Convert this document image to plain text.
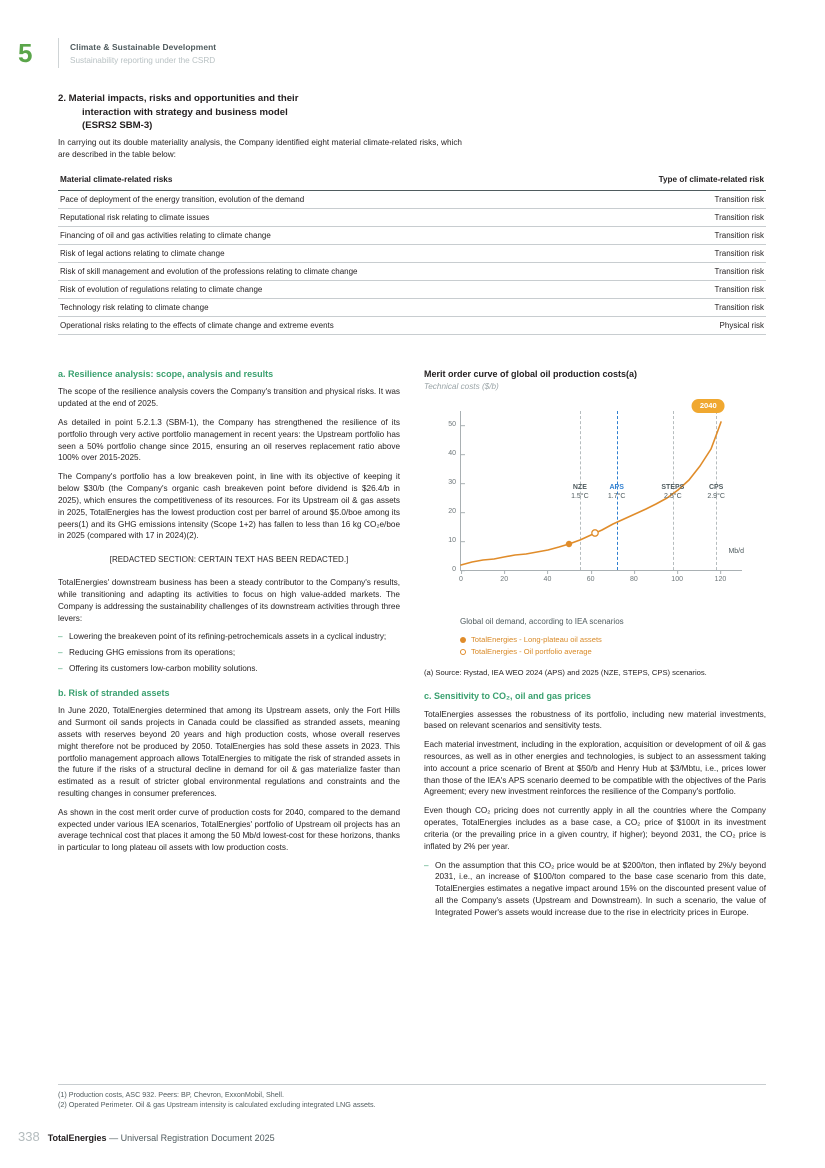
5	Climate & Sustainable Development
Sustainability reporting under the CSRD
2. Material impacts, risks and opportunities and their
interaction with strategy and business model
(ESRS2 SBM-3)

In carrying out its double materiality analysis, the Company identified eight material climate-related risks, which are described in the table below:

Material climate-related risks	Type of climate-related risk
Pace of deployment of the energy transition, evolution of the demand	Transition risk
Reputational risk relating to climate issues	Transition risk
Financing of oil and gas activities relating to climate change	Transition risk
Risk of legal actions relating to climate change	Transition risk
Risk of skill management and evolution of the professions relating to climate change	Transition risk
Risk of evolution of regulations relating to climate change	Transition risk
Technology risk relating to climate change	Transition risk
Operational risks relating to the effects of climate change and extreme events	Physical risk
a. Resilience analysis: scope, analysis and results

The scope of the resilience analysis covers the Company's transition and physical risks. It was updated at the end of 2025.

As detailed in point 5.2.1.3 (SBM-1), the Company has strengthened the resilience of its portfolio through very active portfolio management in recent years: the Upstream portfolio has seen a 50% portfolio change since 2015, ensuring an oil reserves replacement ratio above 100% over 2015-2025.

The Company's portfolio has a low breakeven point, in line with its objective of keeping it below $30/b (the Company's organic cash breakeven point before dividend is $26.4/b in 2025), which ensures the competitiveness of its resources. For its Upstream oil & gas assets in 2025, TotalEnergies has the lowest production cost per barrel of around $5.0/boe among its peers(1) and its GHG emissions intensity (Scope 1+2) has fallen to less than 16 kg CO₂e/boe in 2025 (compared with 17 in 2024)(2).

[REDACTED SECTION: CERTAIN TEXT HAS BEEN REDACTED.]

TotalEnergies' downstream business has been a steady contributor to the Company's results, while transitioning and adapting its activities to focus on high value-added markets. The Company is addressing the sustainability challenges of its downstream activities through three levers:

– Lowering the breakeven point of its refining-petrochemicals assets in a cyclical industry;
– Reducing GHG emissions from its operations;
– Offering its customers low-carbon mobility solutions.
b. Risk of stranded assets

In June 2020, TotalEnergies determined that among its Upstream assets, only the Fort Hills and Surmont oil sands projects in Canada could be classified as stranded assets, meaning assets with reserves beyond 20 years and high production costs, whose overall reserves might therefore not be produced by 2050. TotalEnergies has sold these assets in 2023. This portfolio management approach allows TotalEnergies to mitigate the risk of stranded assets in the future if the risks of a structural decline in demand for oil & gas materialize faster than estimated as a result of stricter global environmental regulations and constraints and the resulting changes in consumer preferences.

As shown in the cost merit order curve of production costs for 2040, compared to the demand expected under various IEA scenarios, TotalEnergies' portfolio of Upstream oil projects has an average technical cost that places it among the 50 Mb/d lowest-cost for these horizons, thanks in particular to long plateau oil assets with low production costs.

Merit order curve of global oil production costs(a)
Technical costs ($/b)
0
10
20
30
40
50
0	20	40	60	80	100	120
NZE
1.5°C
APS
1.7°C
STEPS
2.5°C
CPS
2.9°C
Mb/d
2040
Global oil demand, according to IEA scenarios
TotalEnergies - Long-plateau oil assets
TotalEnergies - Oil portfolio average
(a) Source: Rystad, IEA WEO 2024 (APS) and 2025 (NZE, STEPS, CPS) scenarios.
c. Sensitivity to CO₂, oil and gas prices

TotalEnergies assesses the robustness of its portfolio, including new material investments, based on relevant scenarios and sensitivity tests.

Each material investment, including in the exploration, acquisition or development of oil & gas resources, as well as in other energies and technologies, is subject to an assessment taking into account a price scenario of Brent at $50/b and Henry Hub at $3/Mbtu, i.e., prices lower than those of the IEA's APS scenario deemed to be compatible with the objectives of the Paris Agreement; every new investment reinforces the resilience of the Company's portfolio.

Even though CO₂ pricing does not currently apply in all the countries where the Company operates, TotalEnergies includes as a base case, a CO₂ price of $100/t in its investment criteria (or the prevailing price in a given country, if higher); beyond 2031, the CO₂ price is inflated by 2% per year.

– On the assumption that this CO₂ price would be at $200/ton, then inflated by 2%/y beyond 2031, i.e., an increase of $100/ton compared to the base case scenario from this date, TotalEnergies estimates a negative impact around 15% on the discounted present value of all the Company's assets (Upstream and Downstream). In such a scenario, the value of Integrated Power's assets would increase due to the rise in electricity prices in Europe.
(1) Production costs, ASC 932. Peers: BP, Chevron, ExxonMobil, Shell.
(2) Operated Perimeter. Oil & gas Upstream intensity is calculated excluding integrated LNG assets.
338 TotalEnergies — Universal Registration Document 2025
